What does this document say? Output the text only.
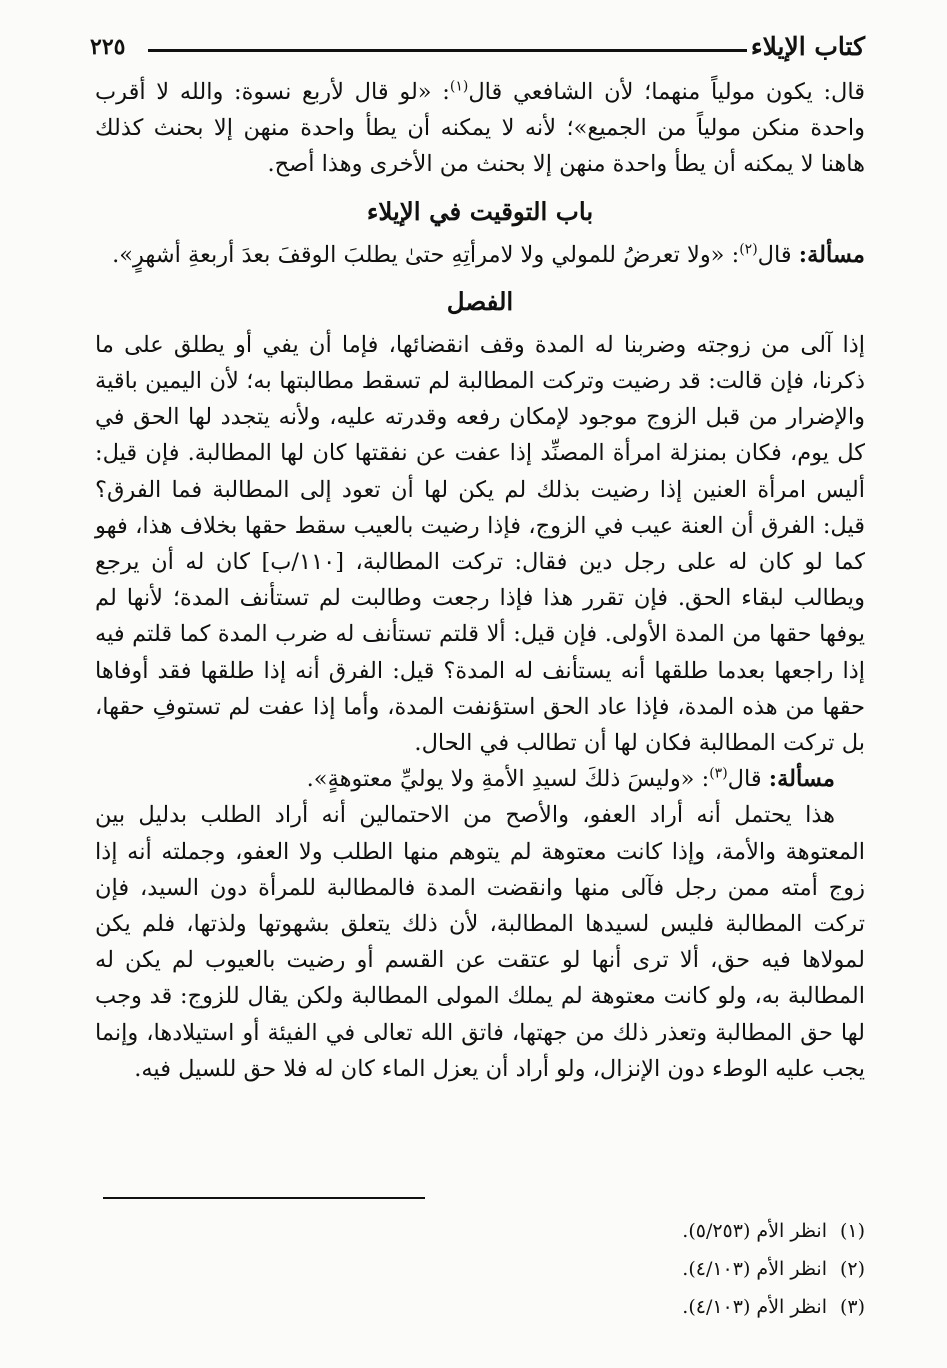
كتاب الإيلاء
٢٢٥

قال: يكون مولياً منهما؛ لأن الشافعي قال$^{(١)}$: «لو قال لأربع نسوة: والله لا أقرب واحدة منكن مولياً من الجميع»؛ لأنه لا يمكنه أن يطأ واحدة منهن إلا بحنث كذلك هاهنا لا يمكنه أن يطأ واحدة منهن إلا بحنث من الأخرى وهذا أصح.

باب التوقيت في الإيلاء

مسألة: قال$^{(٢)}$: «ولا تعرضُ للمولي ولا لامرأتِهِ حتىٰ يطلبَ الوقفَ بعدَ أربعةِ أشهرٍ».

الفصل

إذا آلى من زوجته وضربنا له المدة وقف انقضائها، فإما أن يفي أو يطلق على ما ذكرنا، فإن قالت: قد رضيت وتركت المطالبة لم تسقط مطالبتها به؛ لأن اليمين باقية والإضرار من قبل الزوج موجود لإمكان رفعه وقدرته عليه، ولأنه يتجدد لها الحق في كل يوم، فكان بمنزلة امرأة المصنِّد إذا عفت عن نفقتها كان لها المطالبة. فإن قيل: أليس امرأة العنين إذا رضيت بذلك لم يكن لها أن تعود إلى المطالبة فما الفرق؟ قيل: الفرق أن العنة عيب في الزوج، فإذا رضيت بالعيب سقط حقها بخلاف هذا، فهو كما لو كان له على رجل دين فقال: تركت المطالبة، [١١٠/ب] كان له أن يرجع ويطالب لبقاء الحق. فإن تقرر هذا فإذا رجعت وطالبت لم تستأنف المدة؛ لأنها لم يوفها حقها من المدة الأولى. فإن قيل: ألا قلتم تستأنف له ضرب المدة كما قلتم فيه إذا راجعها بعدما طلقها أنه يستأنف له المدة؟ قيل: الفرق أنه إذا طلقها فقد أوفاها حقها من هذه المدة، فإذا عاد الحق استؤنفت المدة، وأما إذا عفت لم تستوفِ حقها، بل تركت المطالبة فكان لها أن تطالب في الحال.

مسألة: قال$^{(٣)}$: «وليسَ ذلكَ لسيدِ الأمةِ ولا يوليِّ معتوهةٍ».

هذا يحتمل أنه أراد العفو، والأصح من الاحتمالين أنه أراد الطلب بدليل بين المعتوهة والأمة، وإذا كانت معتوهة لم يتوهم منها الطلب ولا العفو، وجملته أنه إذا زوج أمته ممن رجل فآلى منها وانقضت المدة فالمطالبة للمرأة دون السيد، فإن تركت المطالبة فليس لسيدها المطالبة، لأن ذلك يتعلق بشهوتها ولذتها، فلم يكن لمولاها فيه حق، ألا ترى أنها لو عتقت عن القسم أو رضيت بالعيوب لم يكن له المطالبة به، ولو كانت معتوهة لم يملك المولى المطالبة ولكن يقال للزوج: قد وجب لها حق المطالبة وتعذر ذلك من جهتها، فاتق الله تعالى في الفيئة أو استيلادها، وإنما يجب عليه الوطء دون الإنزال، ولو أراد أن يعزل الماء كان له فلا حق للسيل فيه.

(١)انظر الأم (٥/٢٥٣).
(٢)انظر الأم (٤/١٠٣).
(٣)انظر الأم (٤/١٠٣).
